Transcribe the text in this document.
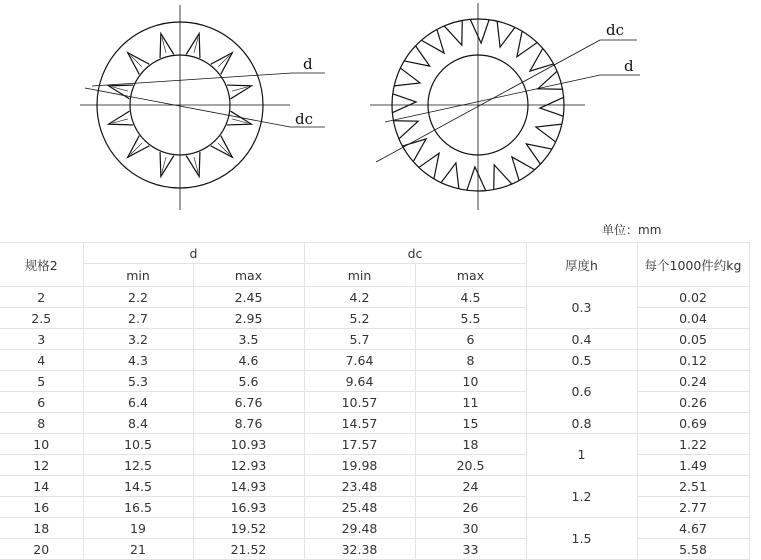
d
dc
dc
d
单位：mm
规格2	d		dc		厚度h	每个1000件约kg
	min	max	min	max		
2	2.2	2.45	4.2	4.5	0.3	0.02
2.5	2.7	2.95	5.2	5.5		0.04
3	3.2	3.5	5.7	6	0.4	0.05
4	4.3	4.6	7.64	8	0.5	0.12
5	5.3	5.6	9.64	10	0.6	0.24
6	6.4	6.76	10.57	11		0.26
8	8.4	8.76	14.57	15	0.8	0.69
10	10.5	10.93	17.57	18	1	1.22
12	12.5	12.93	19.98	20.5		1.49
14	14.5	14.93	23.48	24	1.2	2.51
16	16.5	16.93	25.48	26		2.77
18	19	19.52	29.48	30	1.5	4.67
20	21	21.52	32.38	33		5.58
